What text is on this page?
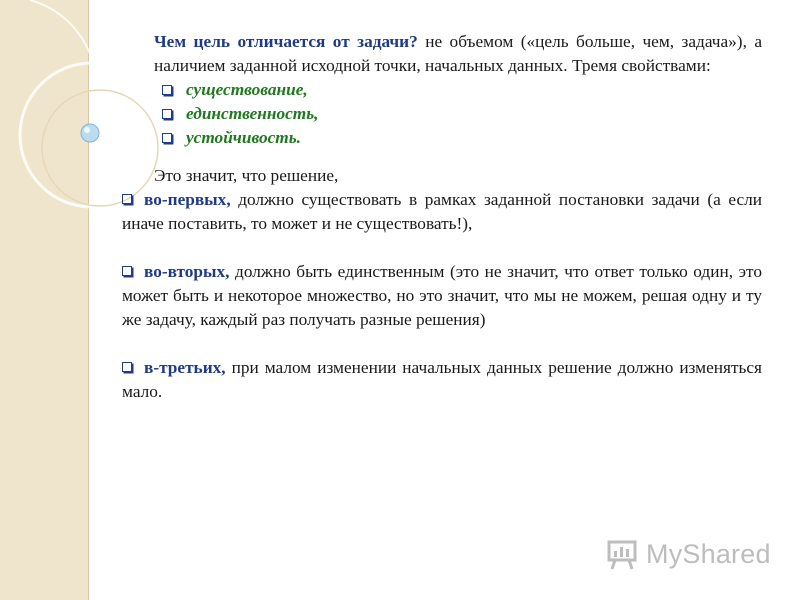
Чем цель отличается от задачи? не объемом («цель больше, чем, задача»), а наличием заданной исходной точки, начальных данных. Тремя свойствами:

существование,
единственность,
устойчивость.

Это значит, что решение,

во-первых, должно существовать в рамках заданной постановки задачи (а если иначе поставить, то может и не существовать!),

во-вторых, должно быть единственным (это не значит, что ответ только один, это может быть и некоторое множество, но это значит, что мы не можем, решая одну и ту же задачу, каждый раз получать разные решения)

в-третьих, при малом изменении начальных данных решение должно изменяться мало.

MyShared
